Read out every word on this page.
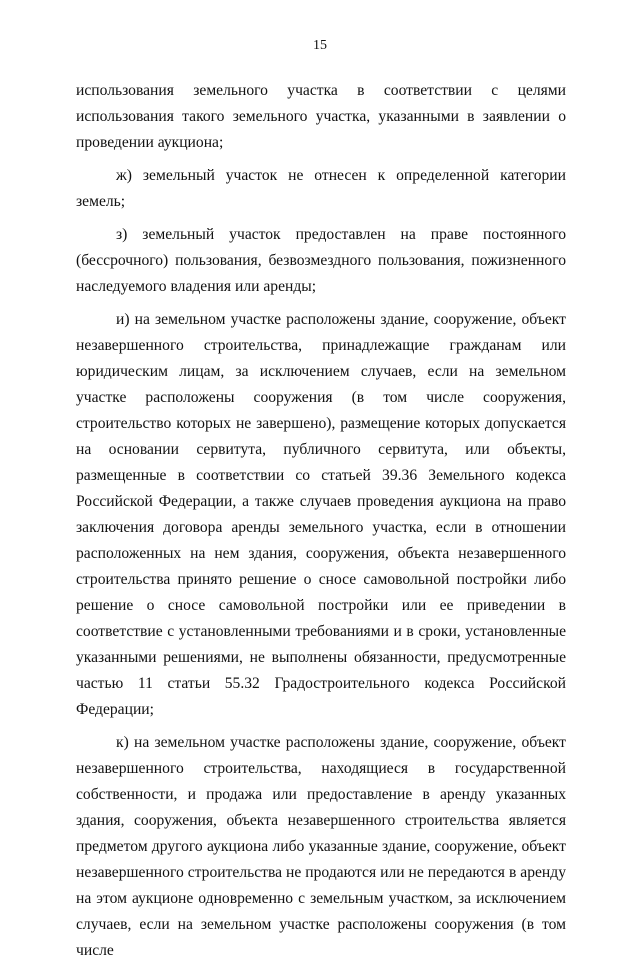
15

использования земельного участка в соответствии с целями использования такого земельного участка, указанными в заявлении о проведении аукциона;

ж) земельный участок не отнесен к определенной категории земель;

з) земельный участок предоставлен на праве постоянного (бессрочного) пользования, безвозмездного пользования, пожизненного наследуемого владения или аренды;

и) на земельном участке расположены здание, сооружение, объект незавершенного строительства, принадлежащие гражданам или юридическим лицам, за исключением случаев, если на земельном участке расположены сооружения (в том числе сооружения, строительство которых не завершено), размещение которых допускается на основании сервитута, публичного сервитута, или объекты, размещенные в соответствии со статьей 39.36 Земельного кодекса Российской Федерации, а также случаев проведения аукциона на право заключения договора аренды земельного участка, если в отношении расположенных на нем здания, сооружения, объекта незавершенного строительства принято решение о сносе самовольной постройки либо решение о сносе самовольной постройки или ее приведении в соответствие с установленными требованиями и в сроки, установленные указанными решениями, не выполнены обязанности, предусмотренные частью 11 статьи 55.32 Градостроительного кодекса Российской Федерации;

к) на земельном участке расположены здание, сооружение, объект незавершенного строительства, находящиеся в государственной собственности, и продажа или предоставление в аренду указанных здания, сооружения, объекта незавершенного строительства является предметом другого аукциона либо указанные здание, сооружение, объект незавершенного строительства не продаются или не передаются в аренду на этом аукционе одновременно с земельным участком, за исключением случаев, если на земельном участке расположены сооружения (в том числе
